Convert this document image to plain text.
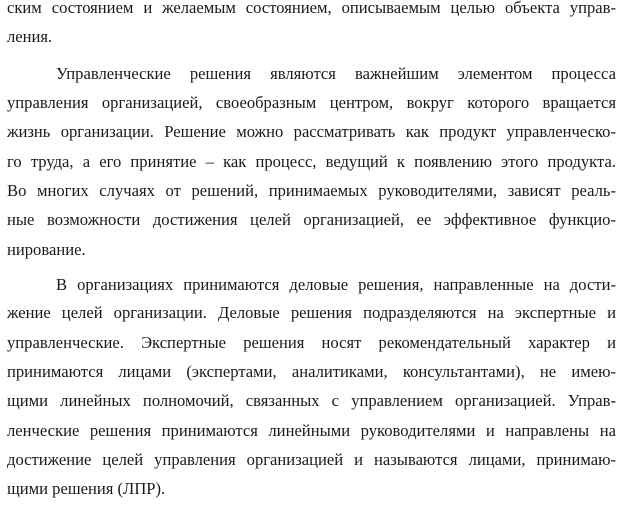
ским состоянием и желаемым состоянием, описываемым целью объекта управ-
ления.
Управленческие решения являются важнейшим элементом процесса
управления организацией, своеобразным центром, вокруг которого вращается
жизнь организации. Решение можно рассматривать как продукт управленческо-
го труда, а его принятие – как процесс, ведущий к появлению этого продукта.
Во многих случаях от решений, принимаемых руководителями, зависят реаль-
ные возможности достижения целей организацией, ее эффективное функцио-
нирование.
В организациях принимаются деловые решения, направленные на дости-
жение целей организации. Деловые решения подразделяются на экспертные и
управленческие. Экспертные решения носят рекомендательный характер и
принимаются лицами (экспертами, аналитиками, консультантами), не имею-
щими линейных полномочий, связанных с управлением организацией. Управ-
ленческие решения принимаются линейными руководителями и направлены на
достижение целей управления организацией и называются лицами, принимаю-
щими решения (ЛПР).
